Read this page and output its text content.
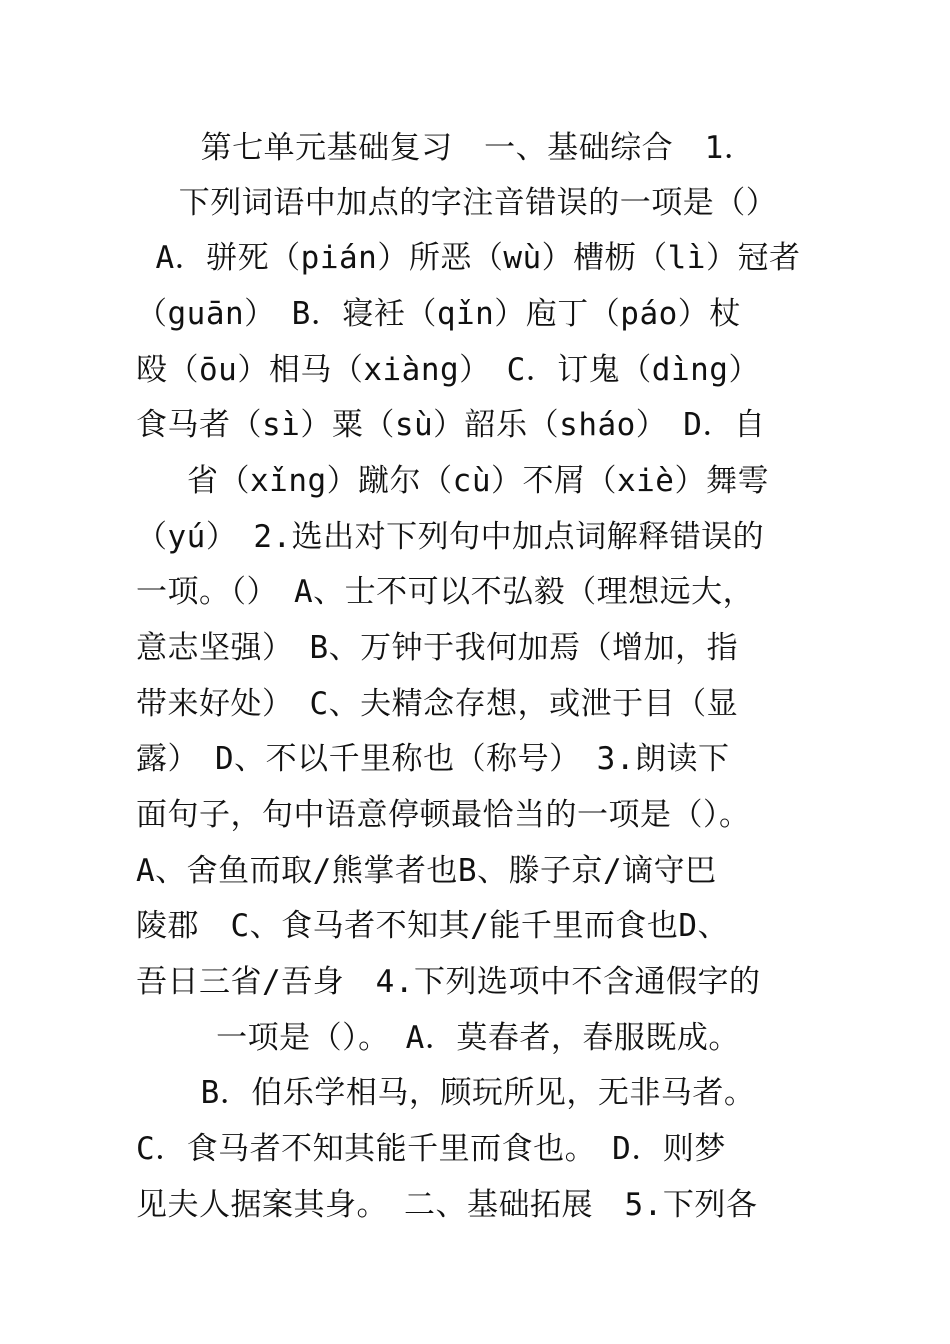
第七单元基础复习　一、基础综合　1．
下列词语中加点的字注音错误的一项是（）
A．骈死（pián）所恶（wù）槽枥（lì）冠者
（guān）　B．寝衽（qǐn）庖丁（páo）杖
殴（ōu）相马（xiàng）　C．订鬼（dìng）
食马者（sì）粟（sù）韶乐（sháo）　D．自
省（xǐng）蹴尔（cù）不屑（xiè）舞雩
（yú）　2.选出对下列句中加点词解释错误的
一项。（）　A、士不可以不弘毅（理想远大，
意志坚强）　B、万钟于我何加焉（增加，指
带来好处）　C、夫精念存想，或泄于目（显
露）　D、不以千里称也（称号）　3.朗读下
面句子，句中语意停顿最恰当的一项是（）。
A、舍鱼而取/熊掌者也B、滕子京/谪守巴
陵郡　C、食马者不知其/能千里而食也D、
吾日三省/吾身　4.下列选项中不含通假字的
一项是（）。　A．莫春者，春服既成。
B．伯乐学相马，顾玩所见，无非马者。
C．食马者不知其能千里而食也。　D．则梦
见夫人据案其身。　二、基础拓展　5.下列各
